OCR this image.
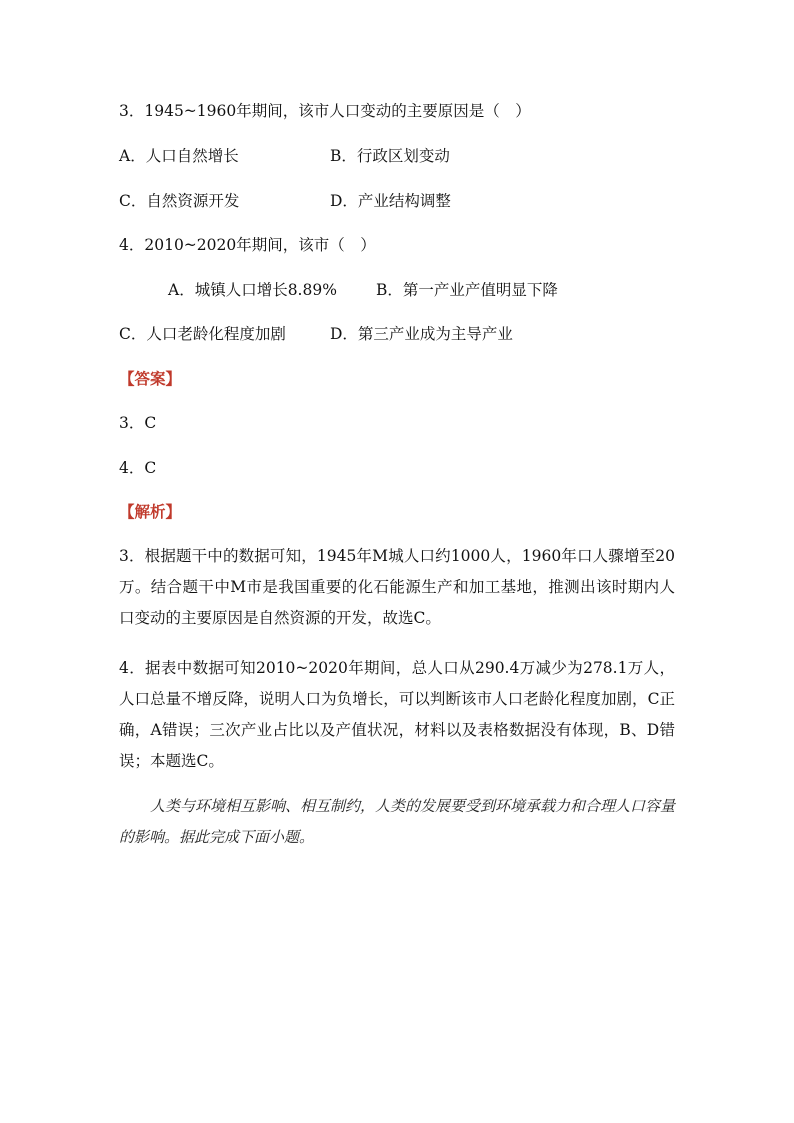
3．1945~1960年期间，该市人口变动的主要原因是（　）
A．人口自然增长	B．行政区划变动
C．自然资源开发	D．产业结构调整
4．2010~2020年期间，该市（　）
A．城镇人口增长8.89%	B．第一产业产值明显下降
C．人口老龄化程度加剧	D．第三产业成为主导产业
【答案】
3．C
4．C
【解析】
3．根据题干中的数据可知，1945年M城人口约1000人，1960年口人骤增至20万。结合题干中M市是我国重要的化石能源生产和加工基地，推测出该时期内人口变动的主要原因是自然资源的开发，故选C。
4．据表中数据可知2010~2020年期间，总人口从290.4万减少为278.1万人，人口总量不增反降，说明人口为负增长，可以判断该市人口老龄化程度加剧，C正确，A错误；三次产业占比以及产值状况，材料以及表格数据没有体现，B、D错误；本题选C。
人类与环境相互影响、相互制约，人类的发展要受到环境承载力和合理人口容量的影响。据此完成下面小题。
